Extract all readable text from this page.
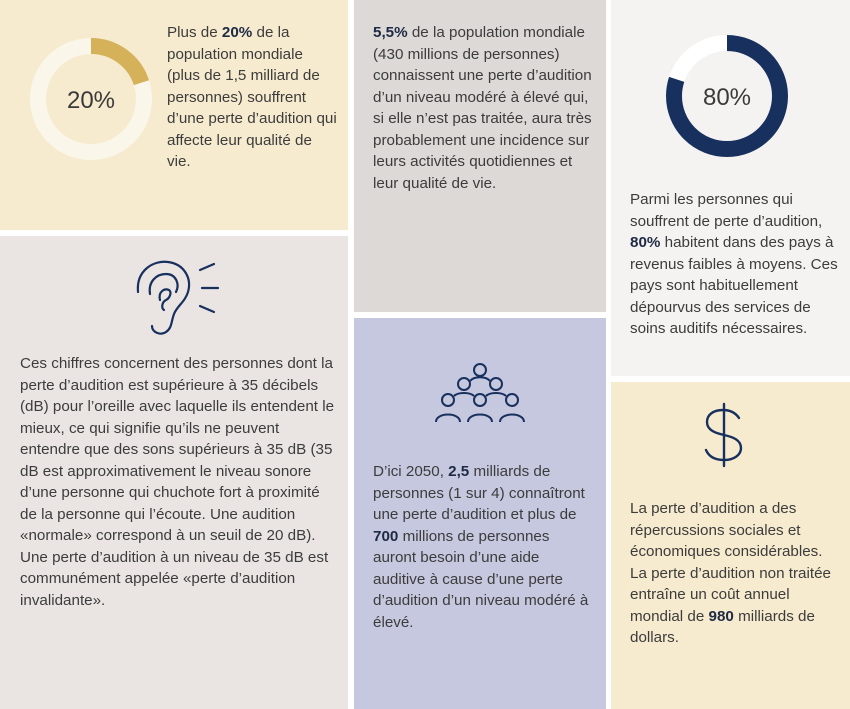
20%

Plus de 20% de la population mondiale (plus de 1,5 milliard de personnes) souffrent d’une perte d’audition qui affecte leur qualité de vie.

5,5% de la population mondiale (430 millions de personnes) connaissent une perte d’audition d’un niveau modéré à élevé qui, si elle n’est pas traitée, aura très probablement une incidence sur leurs activités quotidiennes et leur qualité de vie.

80%

Parmi les personnes qui souffrent de perte d’audition, 80% habitent dans des pays à revenus faibles à moyens. Ces pays sont habituellement dépourvus des services de soins auditifs nécessaires.

Ces chiffres concernent des personnes dont la perte d’audition est supérieure à 35 décibels (dB) pour l’oreille avec laquelle ils entendent le mieux, ce qui signifie qu’ils ne peuvent entendre que des sons supérieurs à 35 dB (35 dB est approximativement le niveau sonore d’une personne qui chuchote fort à proximité de la personne qui l’écoute. Une audition «normale» correspond à un seuil de 20 dB). Une perte d’audition à un niveau de 35 dB est communément appelée «perte d’audition invalidante».

D’ici 2050, 2,5 milliards de personnes (1 sur 4) connaîtront une perte d’audition et plus de 700 millions de personnes auront besoin d’une aide auditive à cause d’une perte d’audition d’un niveau modéré à élevé.

La perte d’audition a des répercussions sociales et économiques considérables. La perte d’audition non traitée entraîne un coût annuel mondial de 980 milliards de dollars.
